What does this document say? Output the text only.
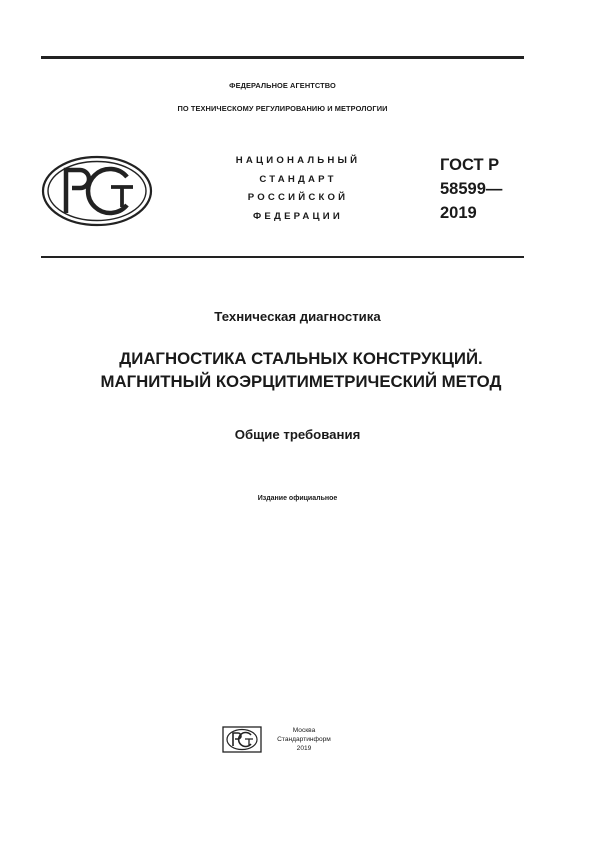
ФЕДЕРАЛЬНОЕ АГЕНТСТВО
ПО ТЕХНИЧЕСКОМУ РЕГУЛИРОВАНИЮ И МЕТРОЛОГИИ
НАЦИОНАЛЬНЫЙ
СТАНДАРТ
РОССИЙСКОЙ
ФЕДЕРАЦИИ
ГОСТ Р
58599—
2019
Техническая диагностика
ДИАГНОСТИКА СТАЛЬНЫХ КОНСТРУКЦИЙ.
МАГНИТНЫЙ КОЭРЦИТИМЕТРИЧЕСКИЙ МЕТОД
Общие требования
Издание официальное
Москва
Стандартинформ
2019
